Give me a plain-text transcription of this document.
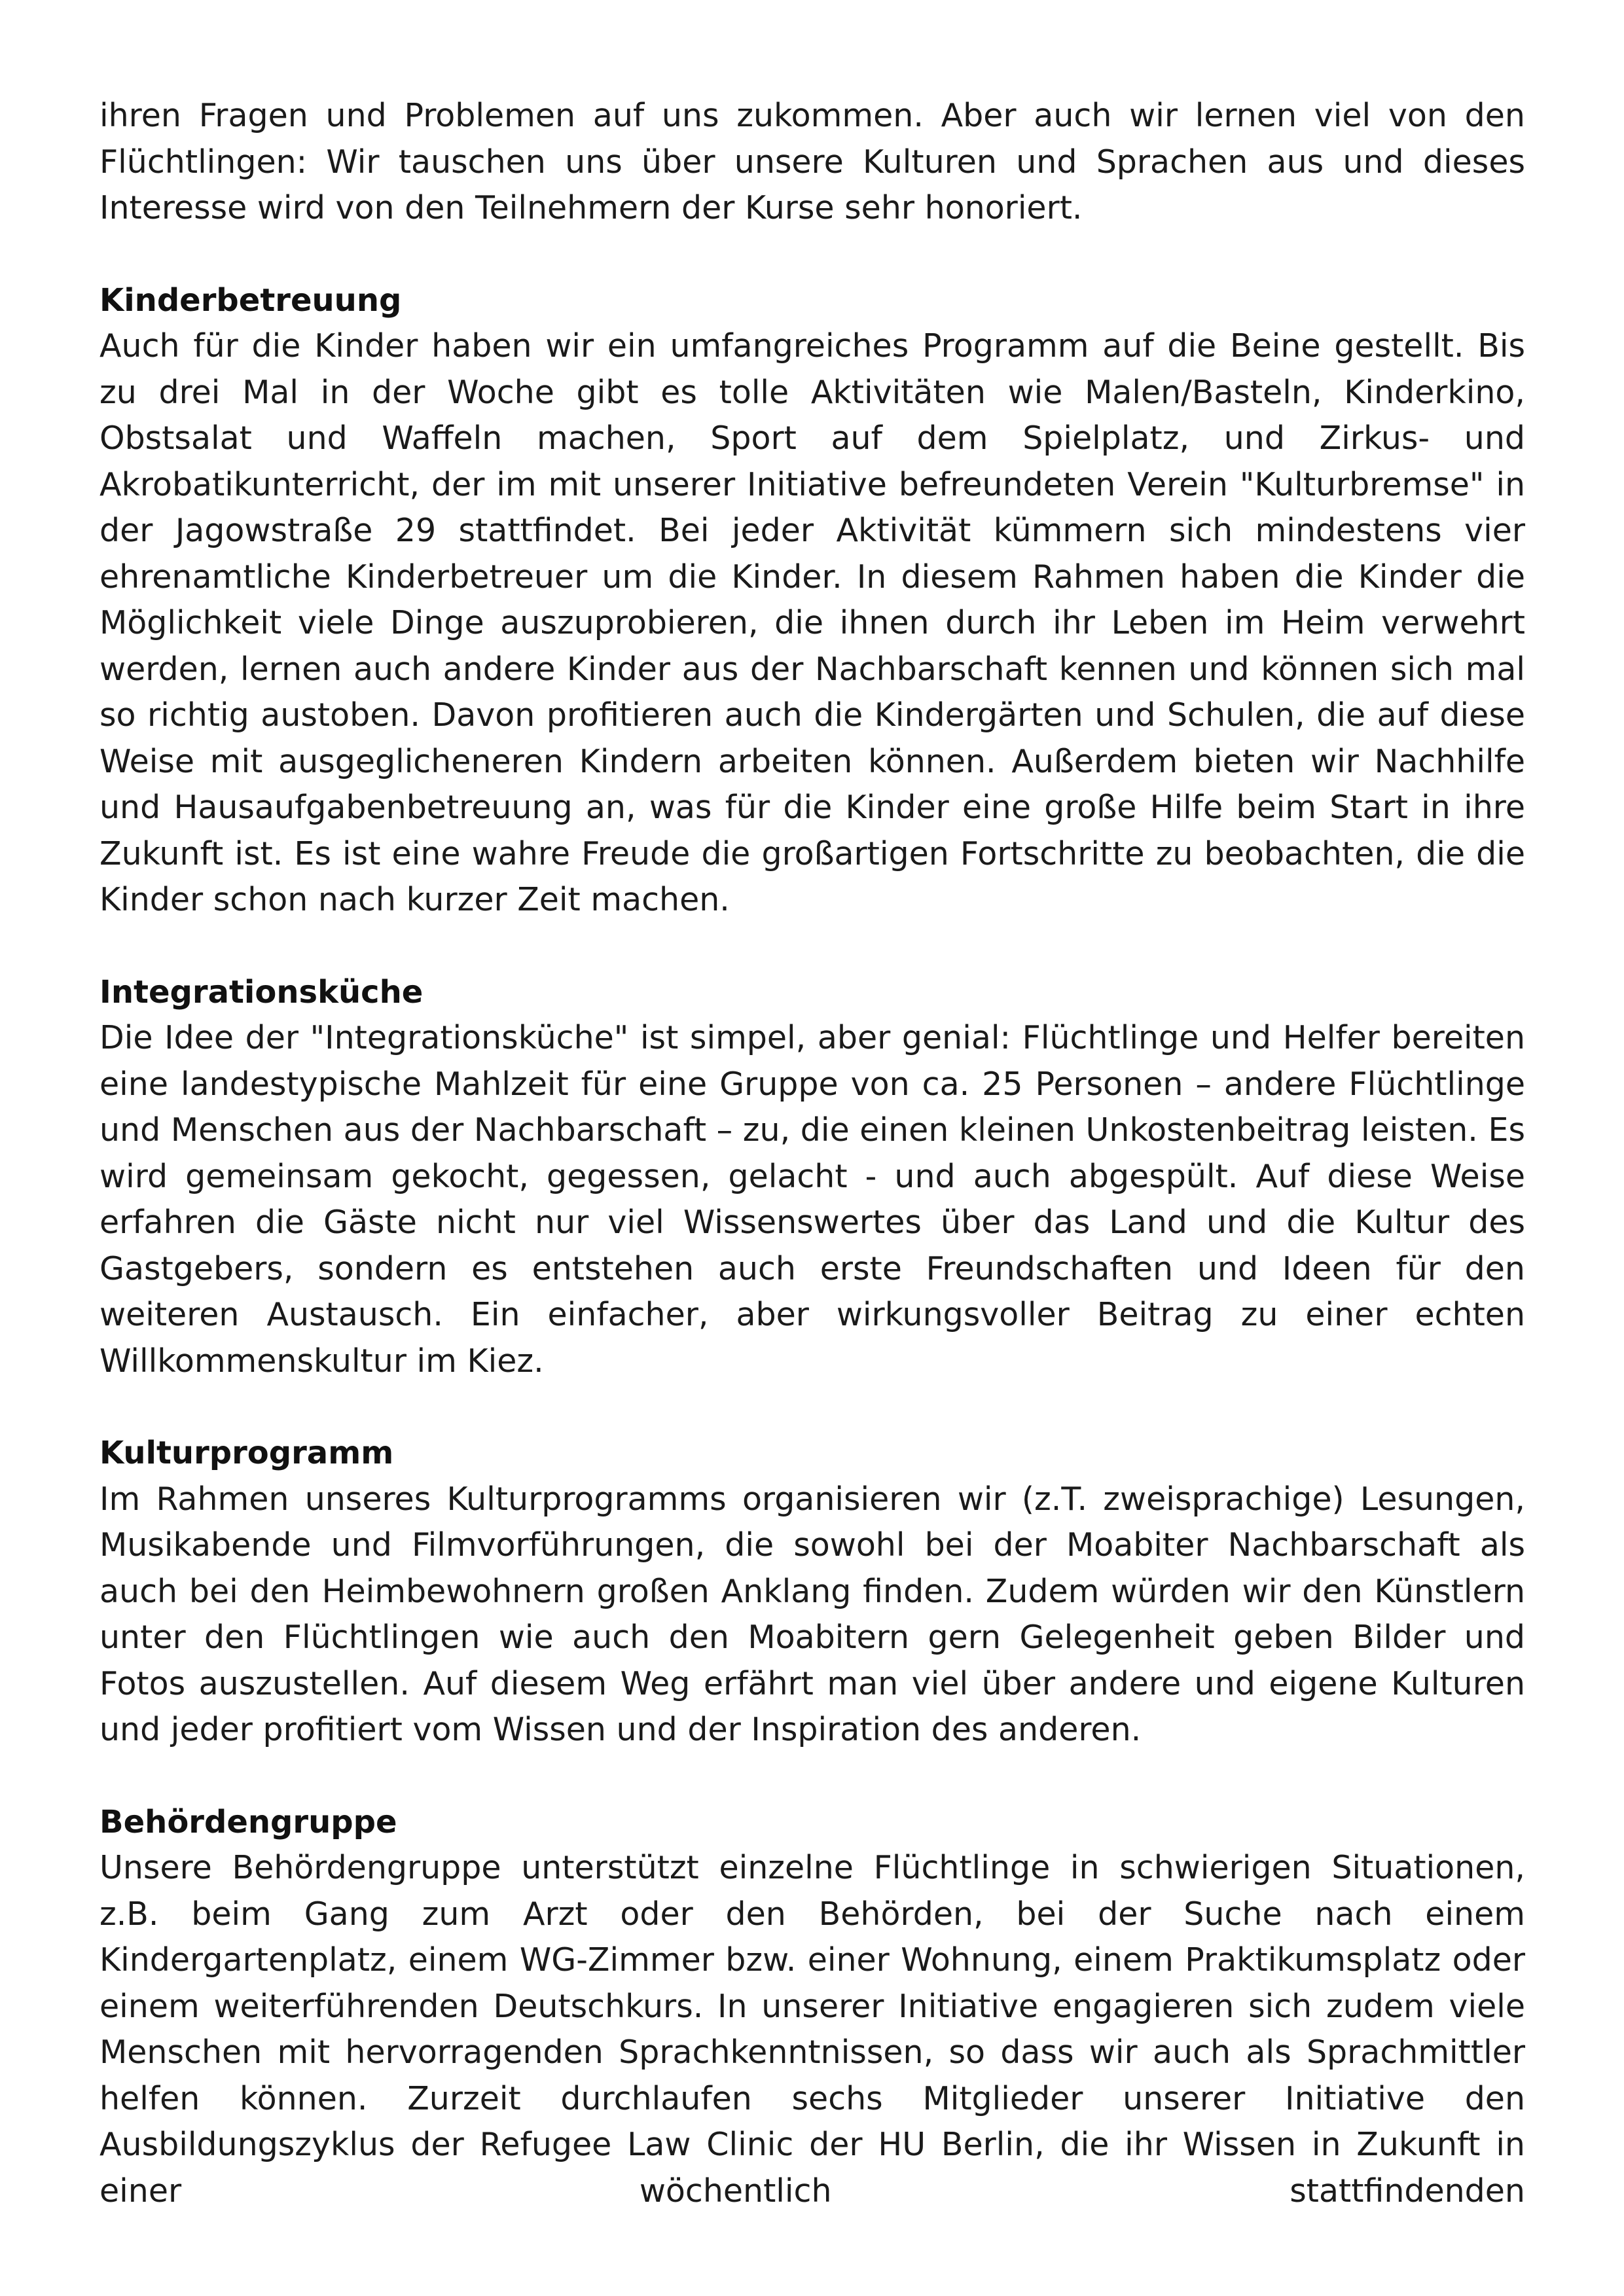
ihren Fragen und Problemen auf uns zukommen. Aber auch wir lernen viel von den Flüchtlingen: Wir tauschen uns über unsere Kulturen und Sprachen aus und dieses Interesse wird von den Teilnehmern der Kurse sehr honoriert.

Kinderbetreuung

Auch für die Kinder haben wir ein umfangreiches Programm auf die Beine gestellt. Bis zu drei Mal in der Woche gibt es tolle Aktivitäten wie Malen/Basteln, Kinderkino, Obstsalat und Waffeln machen, Sport auf dem Spielplatz, und Zirkus- und Akrobatikunterricht, der im mit unserer Initiative befreundeten Verein "Kulturbremse" in der Jagowstraße 29 stattfindet. Bei jeder Aktivität kümmern sich mindestens vier ehrenamtliche Kinderbetreuer um die Kinder. In diesem Rahmen haben die Kinder die Möglichkeit viele Dinge auszuprobieren, die ihnen durch ihr Leben im Heim verwehrt werden, lernen auch andere Kinder aus der Nachbarschaft kennen und können sich mal so richtig austoben. Davon profitieren auch die Kindergärten und Schulen, die auf diese Weise mit ausgeglicheneren Kindern arbeiten können. Außerdem bieten wir Nachhilfe und Hausaufgabenbetreuung an, was für die Kinder eine große Hilfe beim Start in ihre Zukunft ist. Es ist eine wahre Freude die großartigen Fortschritte zu beobachten, die die Kinder schon nach kurzer Zeit machen.

Integrationsküche

Die Idee der "Integrationsküche" ist simpel, aber genial: Flüchtlinge und Helfer bereiten eine landestypische Mahlzeit für eine Gruppe von ca. 25 Personen – andere Flüchtlinge und Menschen aus der Nachbarschaft – zu, die einen kleinen Unkostenbeitrag leisten. Es wird gemeinsam gekocht, gegessen, gelacht - und auch abgespült. Auf diese Weise erfahren die Gäste nicht nur viel Wissenswertes über das Land und die Kultur des Gastgebers, sondern es entstehen auch erste Freundschaften und Ideen für den weiteren Austausch. Ein einfacher, aber wirkungsvoller Beitrag zu einer echten Willkommenskultur im Kiez.

Kulturprogramm

Im Rahmen unseres Kulturprogramms organisieren wir (z.T. zweisprachige) Lesungen, Musikabende und Filmvorführungen, die sowohl bei der Moabiter Nachbarschaft als auch bei den Heimbewohnern großen Anklang finden. Zudem würden wir den Künstlern unter den Flüchtlingen wie auch den Moabitern gern Gelegenheit geben Bilder und Fotos auszustellen. Auf diesem Weg erfährt man viel über andere und eigene Kulturen und jeder profitiert vom Wissen und der Inspiration des anderen.

Behördengruppe

Unsere Behördengruppe unterstützt einzelne Flüchtlinge in schwierigen Situationen, z.B. beim Gang zum Arzt oder den Behörden, bei der Suche nach einem Kindergartenplatz, einem WG-Zimmer bzw. einer Wohnung, einem Praktikumsplatz oder einem weiterführenden Deutschkurs. In unserer Initiative engagieren sich zudem viele Menschen mit hervorragenden Sprachkenntnissen, so dass wir auch als Sprachmittler helfen können. Zurzeit durchlaufen sechs Mitglieder unserer Initiative den Ausbildungszyklus der Refugee Law Clinic der HU Berlin, die ihr Wissen in Zukunft in einer wöchentlich stattfindenden
